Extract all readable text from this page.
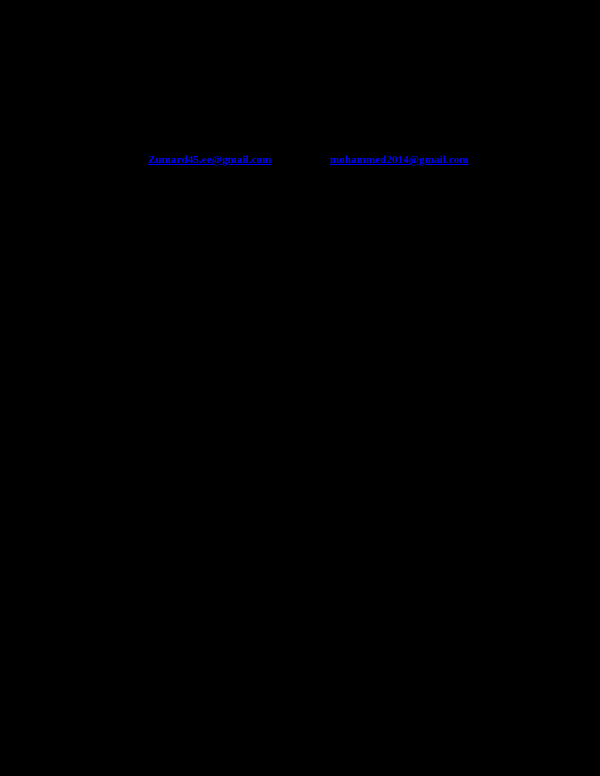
Zumard45.ee@gmail.com	mohammed2014@gmail.com
